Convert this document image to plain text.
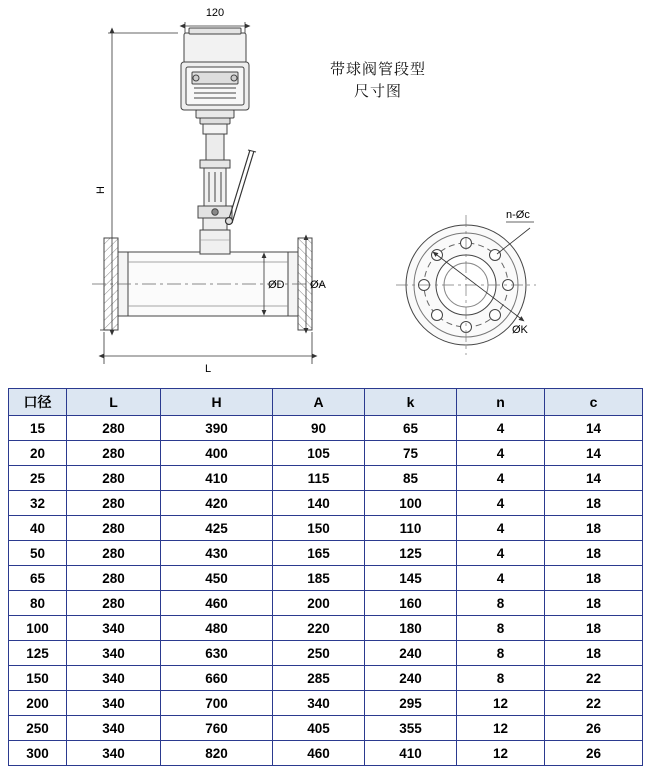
120
H
L
ØD ØA
n-Øc
ØK
带球阀管段型
尺寸图
口径	L	H	A	k	n	c
15	280	390	90	65	4	14
20	280	400	105	75	4	14
25	280	410	115	85	4	14
32	280	420	140	100	4	18
40	280	425	150	110	4	18
50	280	430	165	125	4	18
65	280	450	185	145	4	18
80	280	460	200	160	8	18
100	340	480	220	180	8	18
125	340	630	250	240	8	18
150	340	660	285	240	8	22
200	340	700	340	295	12	22
250	340	760	405	355	12	26
300	340	820	460	410	12	26
